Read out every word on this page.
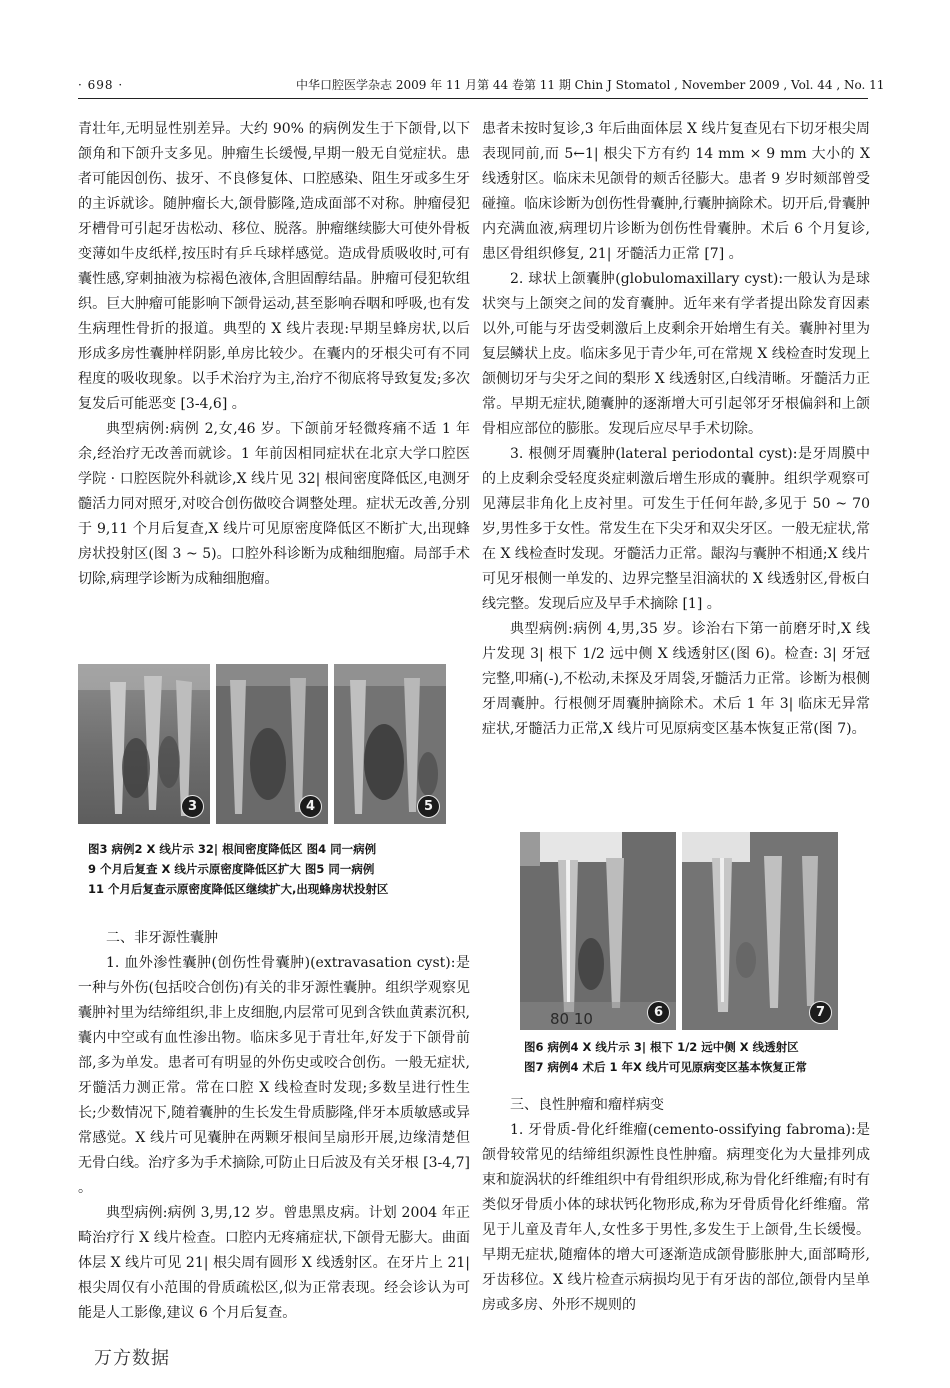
· 698 ·	中华口腔医学杂志 2009 年 11 月第 44 卷第 11 期 Chin J Stomatol , November 2009 , Vol. 44 , No. 11

青壮年,无明显性别差异。大约 90% 的病例发生于下颌骨,以下颌角和下颌升支多见。肿瘤生长缓慢,早期一般无自觉症状。患者可能因创伤、拔牙、不良修复体、口腔感染、阻生牙或多生牙的主诉就诊。随肿瘤长大,颌骨膨隆,造成面部不对称。肿瘤侵犯牙槽骨可引起牙齿松动、移位、脱落。肿瘤继续膨大可使外骨板变薄如牛皮纸样,按压时有乒乓球样感觉。造成骨质吸收时,可有囊性感,穿刺抽液为棕褐色液体,含胆固醇结晶。肿瘤可侵犯软组织。巨大肿瘤可能影响下颌骨运动,甚至影响吞咽和呼吸,也有发生病理性骨折的报道。典型的 X 线片表现:早期呈蜂房状,以后形成多房性囊肿样阴影,单房比较少。在囊内的牙根尖可有不同程度的吸收现象。以手术治疗为主,治疗不彻底将导致复发;多次复发后可能恶变 [3-4,6] 。

典型病例:病例 2,女,46 岁。下颌前牙轻微疼痛不适 1 年余,经治疗无改善而就诊。1 年前因相同症状在北京大学口腔医学院 · 口腔医院外科就诊,X 线片见 32| 根间密度降低区,电测牙髓活力同对照牙,对咬合创伤做咬合调整处理。症状无改善,分别于 9,11 个月后复查,X 线片可见原密度降低区不断扩大,出现蜂房状投射区(图 3 ~ 5)。口腔外科诊断为成釉细胞瘤。局部手术切除,病理学诊断为成釉细胞瘤。

3	4	5
图3 病例2 X 线片示 32| 根间密度降低区 图4 同一病例
9 个月后复查 X 线片示原密度降低区扩大 图5 同一病例
11 个月后复查示原密度降低区继续扩大,出现蜂房状投射区
二、非牙源性囊肿

1. 血外渗性囊肿(创伤性骨囊肿)(extravasation cyst):是一种与外伤(包括咬合创伤)有关的非牙源性囊肿。组织学观察见囊肿衬里为结缔组织,非上皮细胞,内层常可见到含铁血黄素沉积,囊内中空或有血性渗出物。临床多见于青壮年,好发于下颌骨前部,多为单发。患者可有明显的外伤史或咬合创伤。一般无症状,牙髓活力测正常。常在口腔 X 线检查时发现;多数呈进行性生长;少数情况下,随着囊肿的生长发生骨质膨隆,伴牙本质敏感或异常感觉。X 线片可见囊肿在两颗牙根间呈扇形开展,边缘清楚但无骨白线。治疗多为手术摘除,可防止日后波及有关牙根 [3-4,7] 。

典型病例:病例 3,男,12 岁。曾患黑皮病。计划 2004 年正畸治疗行 X 线片检查。口腔内无疼痛症状,下颌骨无膨大。曲面体层 X 线片可见 21| 根尖周有圆形 X 线透射区。在牙片上 21| 根尖周仅有小范围的骨质疏松区,似为正常表现。经会诊认为可能是人工影像,建议 6 个月后复查。

患者未按时复诊,3 年后曲面体层 X 线片复查见右下切牙根尖周表现同前,而 5←1| 根尖下方有约 14 mm × 9 mm 大小的 X 线透射区。临床未见颌骨的颊舌径膨大。患者 9 岁时颏部曾受碰撞。临床诊断为创伤性骨囊肿,行囊肿摘除术。切开后,骨囊肿内充满血液,病理切片诊断为创伤性骨囊肿。术后 6 个月复诊,患区骨组织修复, 21| 牙髓活力正常 [7] 。

2. 球状上颌囊肿(globulomaxillary cyst):一般认为是球状突与上颌突之间的发育囊肿。近年来有学者提出除发育因素以外,可能与牙齿受刺激后上皮剩余开始增生有关。囊肿衬里为复层鳞状上皮。临床多见于青少年,可在常规 X 线检查时发现上颌侧切牙与尖牙之间的梨形 X 线透射区,白线清晰。牙髓活力正常。早期无症状,随囊肿的逐渐增大可引起邻牙牙根偏斜和上颌骨相应部位的膨胀。发现后应尽早手术切除。

3. 根侧牙周囊肿(lateral periodontal cyst):是牙周膜中的上皮剩余受轻度炎症刺激后增生形成的囊肿。组织学观察可见薄层非角化上皮衬里。可发生于任何年龄,多见于 50 ~ 70 岁,男性多于女性。常发生在下尖牙和双尖牙区。一般无症状,常在 X 线检查时发现。牙髓活力正常。龈沟与囊肿不相通;X 线片可见牙根侧一单发的、边界完整呈泪滴状的 X 线透射区,骨板白线完整。发现后应及早手术摘除 [1] 。

典型病例:病例 4,男,35 岁。诊治右下第一前磨牙时,X 线片发现 3| 根下 1/2 远中侧 X 线透射区(图 6)。检查: 3| 牙冠完整,叩痛(-),不松动,未探及牙周袋,牙髓活力正常。诊断为根侧牙周囊肿。行根侧牙周囊肿摘除术。术后 1 年 3| 临床无异常症状,牙髓活力正常,X 线片可见原病变区基本恢复正常(图 7)。

80 10	6	7
图6 病例4 X 线片示 3| 根下 1/2 远中侧 X 线透射区
图7 病例4 术后 1 年X 线片可见原病变区基本恢复正常
三、良性肿瘤和瘤样病变

1. 牙骨质-骨化纤维瘤(cemento-ossifying fabroma):是颌骨较常见的结缔组织源性良性肿瘤。病理变化为大量排列成束和旋涡状的纤维组织中有骨组织形成,称为骨化纤维瘤;有时有类似牙骨质小体的球状钙化物形成,称为牙骨质骨化纤维瘤。常见于儿童及青年人,女性多于男性,多发生于上颌骨,生长缓慢。早期无症状,随瘤体的增大可逐渐造成颌骨膨胀肿大,面部畸形,牙齿移位。X 线片检查示病损均见于有牙齿的部位,颌骨内呈单房或多房、外形不规则的

万方数据
